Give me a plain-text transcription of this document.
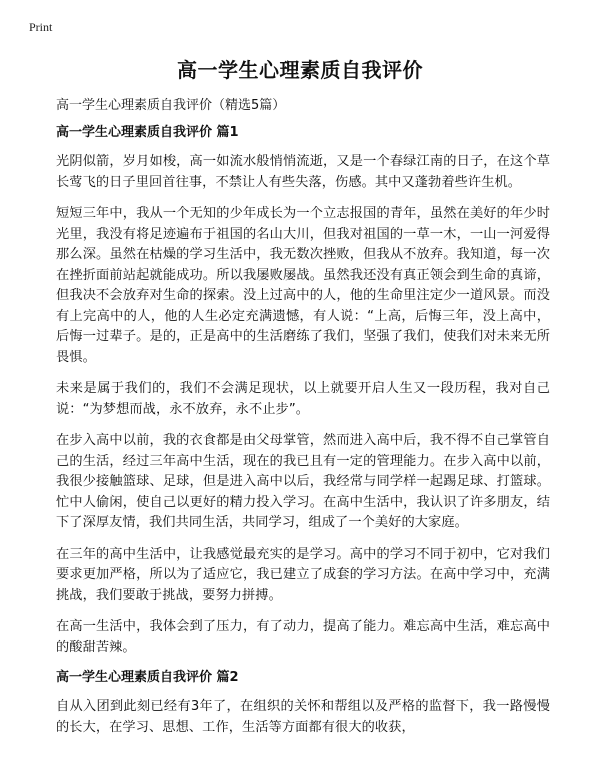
Print
高一学生心理素质自我评价
高一学生心理素质自我评价（精选5篇）
高一学生心理素质自我评价 篇1

光阴似箭，岁月如梭，高一如流水般悄悄流逝，又是一个春绿江南的日子，在这个草长莺飞的日子里回首往事，不禁让人有些失落，伤感。其中又蓬勃着些许生机。

短短三年中，我从一个无知的少年成长为一个立志报国的青年，虽然在美好的年少时光里，我没有将足迹遍布于祖国的名山大川，但我对祖国的一草一木，一山一河爱得那么深。虽然在枯燥的学习生活中，我无数次挫败，但我从不放弃。我知道，每一次在挫折面前站起就能成功。所以我屡败屡战。虽然我还没有真正领会到生命的真谛，但我决不会放弃对生命的探索。没上过高中的人，他的生命里注定少一道风景。而没有上完高中的人，他的人生必定充满遗憾，有人说：“上高，后悔三年，没上高中，后悔一过辈子。是的，正是高中的生活磨练了我们，坚强了我们，使我们对未来无所畏惧。

未来是属于我们的，我们不会满足现状，以上就要开启人生又一段历程，我对自己说：“为梦想而战，永不放弃，永不止步”。

在步入高中以前，我的衣食都是由父母掌管，然而进入高中后，我不得不自己掌管自己的生活，经过三年高中生活，现在的我已且有一定的管理能力。在步入高中以前，我很少接触篮球、足球，但是进入高中以后，我经常与同学样一起踢足球、打篮球。忙中人偷闲，使自己以更好的精力投入学习。在高中生活中，我认识了许多朋友，结下了深厚友情，我们共同生活，共同学习，组成了一个美好的大家庭。

在三年的高中生活中，让我感觉最充实的是学习。高中的学习不同于初中，它对我们要求更加严格，所以为了适应它，我已建立了成套的学习方法。在高中学习中，充满挑战，我们要敢于挑战，要努力拼搏。

在高一生活中，我体会到了压力，有了动力，提高了能力。难忘高中生活，难忘高中的酸甜苦辣。

高一学生心理素质自我评价 篇2

自从入团到此刻已经有3年了，在组织的关怀和帮组以及严格的监督下，我一路慢慢的长大，在学习、思想、工作，生活等方面都有很大的收获，
